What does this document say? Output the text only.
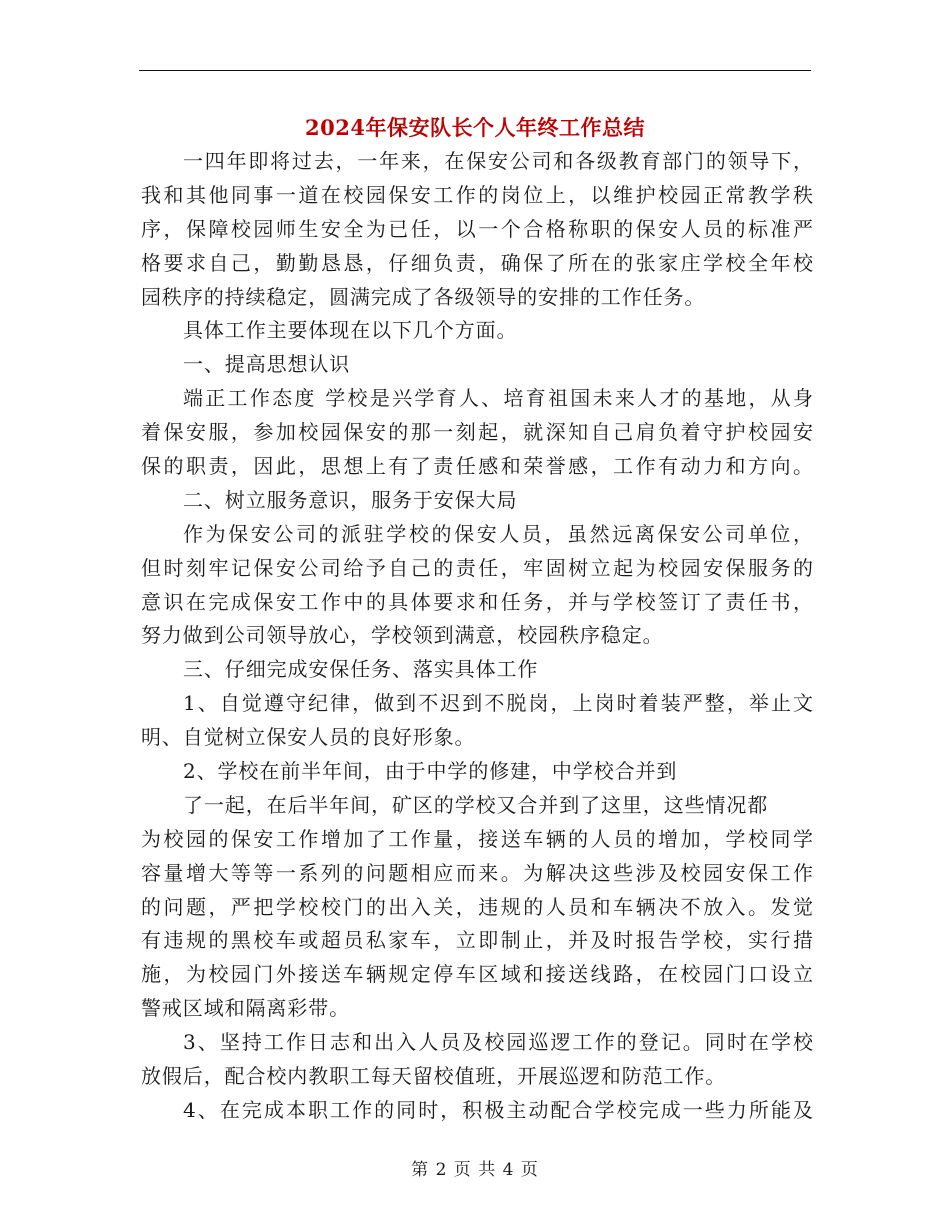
2024年保安队长个人年终工作总结
一四年即将过去，一年来，在保安公司和各级教育部门的领导下，
我和其他同事一道在校园保安工作的岗位上，以维护校园正常教学秩
序，保障校园师生安全为已任，以一个合格称职的保安人员的标准严
格要求自己，勤勤恳恳，仔细负责，确保了所在的张家庄学校全年校
园秩序的持续稳定，圆满完成了各级领导的安排的工作任务。
具体工作主要体现在以下几个方面。
一、提高思想认识
端正工作态度 学校是兴学育人、培育祖国未来人才的基地，从身
着保安服，参加校园保安的那一刻起，就深知自己肩负着守护校园安
保的职责，因此，思想上有了责任感和荣誉感，工作有动力和方向。
二、树立服务意识，服务于安保大局
作为保安公司的派驻学校的保安人员，虽然远离保安公司单位，
但时刻牢记保安公司给予自己的责任，牢固树立起为校园安保服务的
意识在完成保安工作中的具体要求和任务，并与学校签订了责任书，
努力做到公司领导放心，学校领到满意，校园秩序稳定。
三、仔细完成安保任务、落实具体工作
1、自觉遵守纪律，做到不迟到不脱岗，上岗时着装严整，举止文
明、自觉树立保安人员的良好形象。
2、学校在前半年间，由于中学的修建，中学校合并到
了一起，在后半年间，矿区的学校又合并到了这里，这些情况都
为校园的保安工作增加了工作量，接送车辆的人员的增加，学校同学
容量增大等等一系列的问题相应而来。为解决这些涉及校园安保工作
的问题，严把学校校门的出入关，违规的人员和车辆决不放入。发觉
有违规的黑校车或超员私家车，立即制止，并及时报告学校，实行措
施，为校园门外接送车辆规定停车区域和接送线路，在校园门口设立
警戒区域和隔离彩带。
3、坚持工作日志和出入人员及校园巡逻工作的登记。同时在学校
放假后，配合校内教职工每天留校值班，开展巡逻和防范工作。
4、在完成本职工作的同时，积极主动配合学校完成一些力所能及
第 2 页 共 4 页
